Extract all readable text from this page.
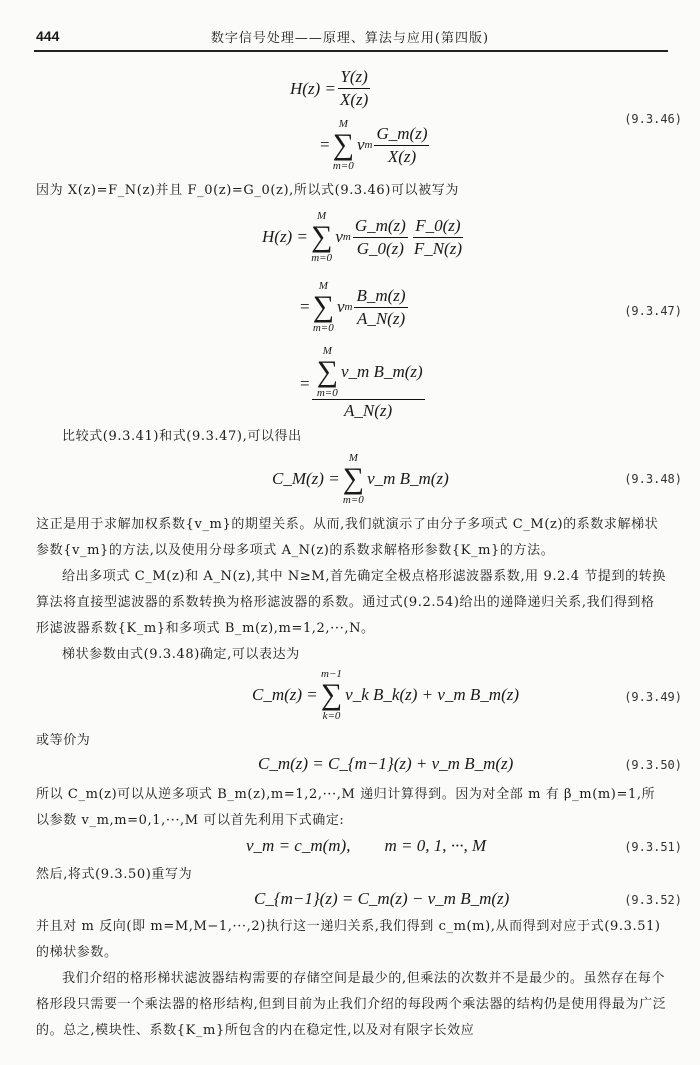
444	数字信号处理——原理、算法与应用(第四版)
$H(z) = \frac{Y(z)}{X(z)}$
=
M
∑
m=0
v m $\frac{G\_m(z)}{X(z)}$
(9.3.46)
因为 X(z)=F_N(z)并且 F_0(z)=G_0(z),所以式(9.3.46)可以被写为
H(z) =
M
∑
m=0
v m $\frac{G\_m(z)}{G\_0(z)} \frac{F\_0(z)}{F\_N(z)}$
=
M
∑
m=0
v m $\frac{B\_m(z)}{A\_N(z)}$	(9.3.47)
= M
∑
m=0
v_m B_m(z)
A_N(z)
比较式(9.3.41)和式(9.3.47),可以得出
C_M(z) =
M
∑
m=0
v_m B_m(z)	(9.3.48)
这正是用于求解加权系数{v_m}的期望关系。从而,我们就演示了由分子多项式 C_M(z)的系数求解梯状参数{v_m}的方法,以及使用分母多项式 A_N(z)的系数求解格形参数{K_m}的方法。
给出多项式 C_M(z)和 A_N(z),其中 N≥M,首先确定全极点格形滤波器系数,用 9.2.4 节提到的转换算法将直接型滤波器的系数转换为格形滤波器的系数。通过式(9.2.54)给出的递降递归关系,我们得到格形滤波器系数{K_m}和多项式 B_m(z),m=1,2,···,N。
梯状参数由式(9.3.48)确定,可以表达为
C_m(z) =
m−1
∑
k=0
v_k B_k(z) + v_m B_m(z)	(9.3.49)
或等价为
C_m(z) = C_{m−1}(z) + v_m B_m(z)	(9.3.50)
所以 C_m(z)可以从逆多项式 B_m(z),m=1,2,···,M 递归计算得到。因为对全部 m 有 β_m(m)=1,所以参数 v_m,m=0,1,···,M 可以首先利用下式确定:
v_m = c_m(m),        m = 0, 1, ···, M	(9.3.51)
然后,将式(9.3.50)重写为
C_{m−1}(z) = C_m(z) − v_m B_m(z)	(9.3.52)
并且对 m 反向(即 m=M,M−1,···,2)执行这一递归关系,我们得到 c_m(m),从而得到对应于式(9.3.51)的梯状参数。
我们介绍的格形梯状滤波器结构需要的存储空间是最少的,但乘法的次数并不是最少的。虽然存在每个格形段只需要一个乘法器的格形结构,但到目前为止我们介绍的每段两个乘法器的结构仍是使用得最为广泛的。总之,模块性、系数{K_m}所包含的内在稳定性,以及对有限字长效应
